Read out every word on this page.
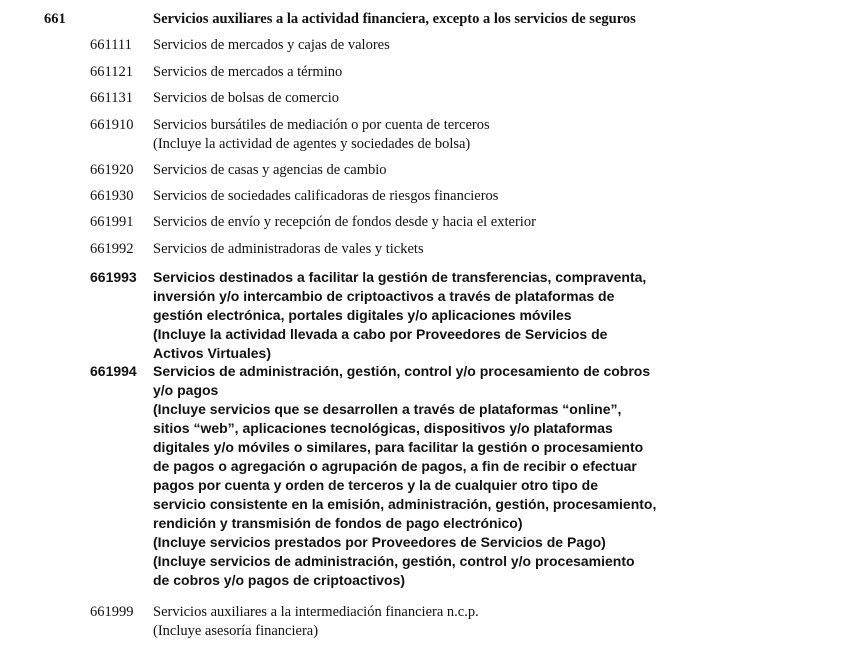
661	Servicios auxiliares a la actividad financiera, excepto a los servicios de seguros
661111 Servicios de mercados y cajas de valores
661121 Servicios de mercados a término
661131 Servicios de bolsas de comercio
661910 Servicios bursátiles de mediación o por cuenta de terceros
(Incluye la actividad de agentes y sociedades de bolsa)
661920 Servicios de casas y agencias de cambio
661930 Servicios de sociedades calificadoras de riesgos financieros
661991 Servicios de envío y recepción de fondos desde y hacia el exterior
661992 Servicios de administradoras de vales y tickets
661993 Servicios destinados a facilitar la gestión de transferencias, compraventa,
inversión y/o intercambio de criptoactivos a través de plataformas de
gestión electrónica, portales digitales y/o aplicaciones móviles
(Incluye la actividad llevada a cabo por Proveedores de Servicios de
Activos Virtuales)
661994 Servicios de administración, gestión, control y/o procesamiento de cobros
y/o pagos
(Incluye servicios que se desarrollen a través de plataformas “online”,
sitios “web”, aplicaciones tecnológicas, dispositivos y/o plataformas
digitales y/o móviles o similares, para facilitar la gestión o procesamiento
de pagos o agregación o agrupación de pagos, a fin de recibir o efectuar
pagos por cuenta y orden de terceros y la de cualquier otro tipo de
servicio consistente en la emisión, administración, gestión, procesamiento,
rendición y transmisión de fondos de pago electrónico)
(Incluye servicios prestados por Proveedores de Servicios de Pago)
(Incluye servicios de administración, gestión, control y/o procesamiento
de cobros y/o pagos de criptoactivos)
661999 Servicios auxiliares a la intermediación financiera n.c.p.
(Incluye asesoría financiera)
